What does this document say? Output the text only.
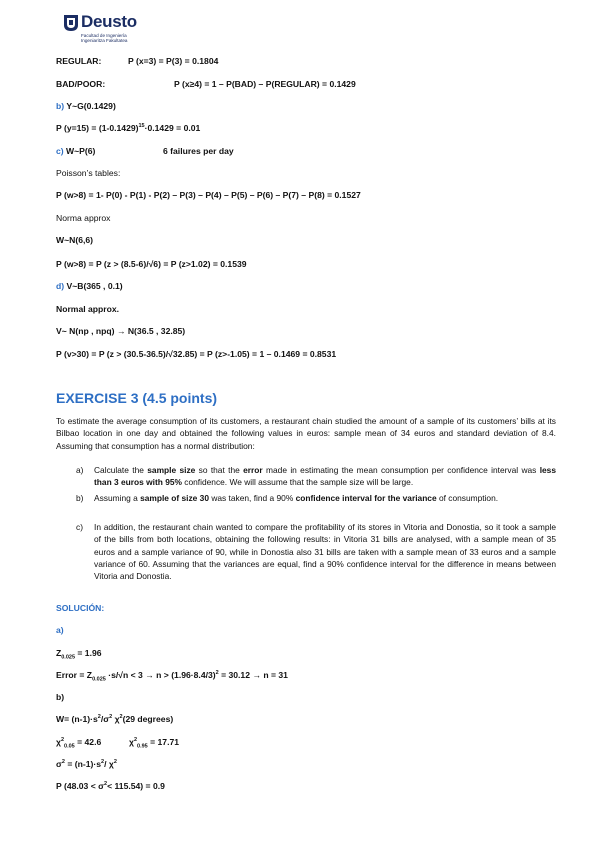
Deusto
Facultad de Ingeniería
Ingeniaritza Fakultatea
REGULAR:	P (x=3) = P(3) = 0.1804
BAD/POOR:	P (x≥4) = 1 – P(BAD) – P(REGULAR) = 0.1429
b) Y~G(0.1429)
P $(y=15) = (1-0.1429)^{15}\cdot 0.1429 = 0.01$
c) W~P(6)	6 failures per day
Poisson’s tables:
P (w>8) = 1- P(0) - P(1) - P(2) – P(3) – P(4) – P(5) – P(6) – P(7) – P(8) = 0.1527
Norma approx
W~N(6,6)
P (w>8) = P (z > (8.5-6)/√6) = P (z>1.02) = 0.1539
d) V~B(365 , 0.1)
Normal approx.
V~ N(np , npq) → N(36.5 , 32.85)
P (v>30) = P (z > (30.5-36.5)/√32.85) = P (z>-1.05) = 1 – 0.1469 = 0.8531
EXERCISE 3 (4.5 points)
To estimate the average consumption of its customers, a restaurant chain studied the amount of a sample of its customers’ bills at its Bilbao location in one day and obtained the following values in euros: sample mean of 34 euros and standard deviation of 8.4. Assuming that consumption has a normal distribution:
a) Calculate the sample size so that the error made in estimating the mean consumption per confidence interval was less than 3 euros with 95% confidence. We will assume that the sample size will be large.
b) Assuming a sample of size 30 was taken, find a 90% confidence interval for the variance of consumption.
c) In addition, the restaurant chain wanted to compare the profitability of its stores in Vitoria and Donostia, so it took a sample of the bills from both locations, obtaining the following results: in Vitoria 31 bills are analysed, with a sample mean of 35 euros and a sample variance of 90, while in Donostia also 31 bills are taken with a sample mean of 33 euros and a sample variance of 60. Assuming that the variances are equal, find a 90% confidence interval for the difference in means between Vitoria and Donostia.
SOLUCIÓN:
a)
$Z_{0.025} = 1.96$
Error = $Z_{0.025} \cdot s/√n < 3 \to n > (1.96\cdot 8.4/3)^2 = 30.12 \to n = 31$
b)
$W= (n-1)\cdot s^2/\sigma^2$ $\chi^2(29$ degrees)
$\chi^2_{0.05} = 42.6$	$\chi^2_{0.95} = 17.71$
$\sigma^2 = (n-1)\cdot s^2/$ $\chi^2$
P $(48.03 < \sigma^2< 115.54) = 0.9$
